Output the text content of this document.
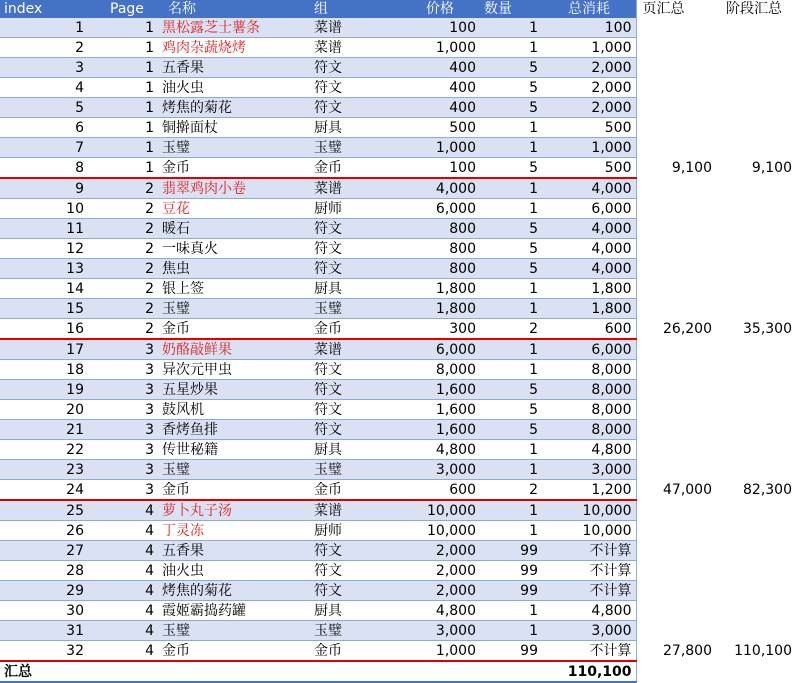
index	Page	名称	组	价格	数量	总消耗	页汇总	阶段汇总
1	1	黑松露芝士薯条	菜谱	100	1	100		
2	1	鸡肉杂蔬烧烤	菜谱	1,000	1	1,000		
3	1	五香果	符文	400	5	2,000		
4	1	油火虫	符文	400	5	2,000		
5	1	烤焦的菊花	符文	400	5	2,000		
6	1	铜擀面杖	厨具	500	1	500		
7	1	玉璧	玉璧	1,000	1	1,000		
8	1	金币	金币	100	5	500	9,100	9,100
9	2	翡翠鸡肉小卷	菜谱	4,000	1	4,000		
10	2	豆花	厨师	6,000	1	6,000		
11	2	暖石	符文	800	5	4,000		
12	2	一味真火	符文	800	5	4,000		
13	2	焦虫	符文	800	5	4,000		
14	2	银上签	厨具	1,800	1	1,800		
15	2	玉璧	玉璧	1,800	1	1,800		
16	2	金币	金币	300	2	600	26,200	35,300
17	3	奶酪敲鲜果	菜谱	6,000	1	6,000		
18	3	异次元甲虫	符文	8,000	1	8,000		
19	3	五星炒果	符文	1,600	5	8,000		
20	3	鼓风机	符文	1,600	5	8,000		
21	3	香烤鱼排	符文	1,600	5	8,000		
22	3	传世秘籍	厨具	4,800	1	4,800		
23	3	玉璧	玉璧	3,000	1	3,000		
24	3	金币	金币	600	2	1,200	47,000	82,300
25	4	萝卜丸子汤	菜谱	10,000	1	10,000		
26	4	丁灵冻	厨师	10,000	1	10,000		
27	4	五香果	符文	2,000	99	不计算		
28	4	油火虫	符文	2,000	99	不计算		
29	4	烤焦的菊花	符文	2,000	99	不计算		
30	4	霞姬霸捣药罐	厨具	4,800	1	4,800		
31	4	玉璧	玉璧	3,000	1	3,000		
32	4	金币	金币	1,000	99	不计算	27,800	110,100
汇总						110,100		
